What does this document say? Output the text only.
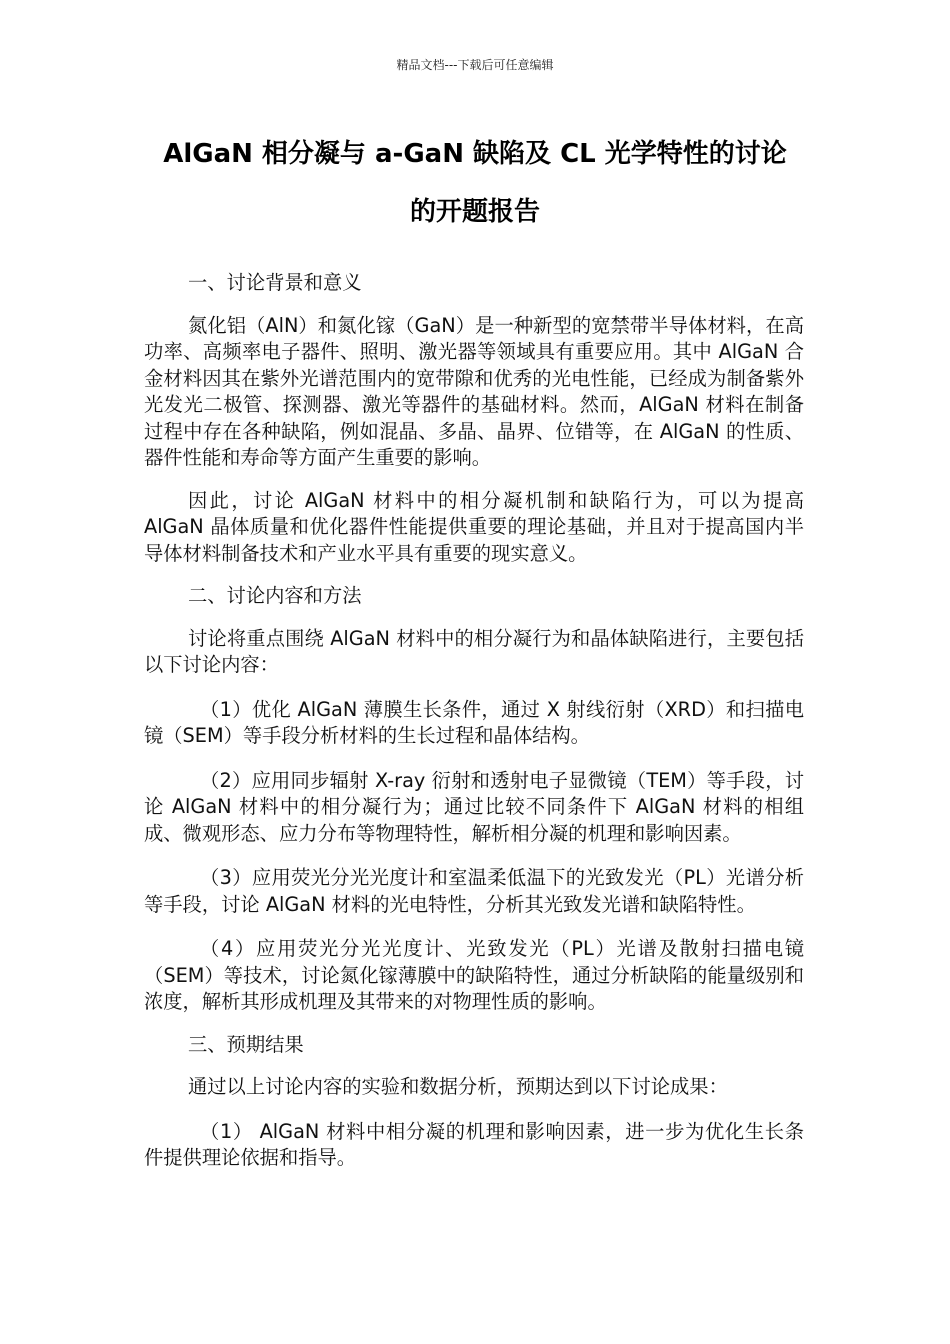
精品文档---下载后可任意编辑
AlGaN 相分凝与 a-GaN 缺陷及 CL 光学特性的讨论
的开题报告

一、讨论背景和意义

氮化铝（AlN）和氮化镓（GaN）是一种新型的宽禁带半导体材料，在高功率、高频率电子器件、照明、激光器等领域具有重要应用。其中 AlGaN 合金材料因其在紫外光谱范围内的宽带隙和优秀的光电性能，已经成为制备紫外光发光二极管、探测器、激光等器件的基础材料。然而，AlGaN 材料在制备过程中存在各种缺陷，例如混晶、多晶、晶界、位错等，在 AlGaN 的性质、器件性能和寿命等方面产生重要的影响。

因此，讨论 AlGaN 材料中的相分凝机制和缺陷行为，可以为提高 AlGaN 晶体质量和优化器件性能提供重要的理论基础，并且对于提高国内半导体材料制备技术和产业水平具有重要的现实意义。

二、讨论内容和方法

讨论将重点围绕 AlGaN 材料中的相分凝行为和晶体缺陷进行，主要包括以下讨论内容：

（1）优化 AlGaN 薄膜生长条件，通过 X 射线衍射（XRD）和扫描电镜（SEM）等手段分析材料的生长过程和晶体结构。

（2）应用同步辐射 X-ray 衍射和透射电子显微镜（TEM）等手段，讨论 AlGaN 材料中的相分凝行为；通过比较不同条件下 AlGaN 材料的相组成、微观形态、应力分布等物理特性，解析相分凝的机理和影响因素。

（3）应用荧光分光光度计和室温柔低温下的光致发光（PL）光谱分析等手段，讨论 AlGaN 材料的光电特性，分析其光致发光谱和缺陷特性。

（4）应用荧光分光光度计、光致发光（PL）光谱及散射扫描电镜（SEM）等技术，讨论氮化镓薄膜中的缺陷特性，通过分析缺陷的能量级别和浓度，解析其形成机理及其带来的对物理性质的影响。

三、预期结果

通过以上讨论内容的实验和数据分析，预期达到以下讨论成果：

（1） AlGaN 材料中相分凝的机理和影响因素，进一步为优化生长条件提供理论依据和指导。
